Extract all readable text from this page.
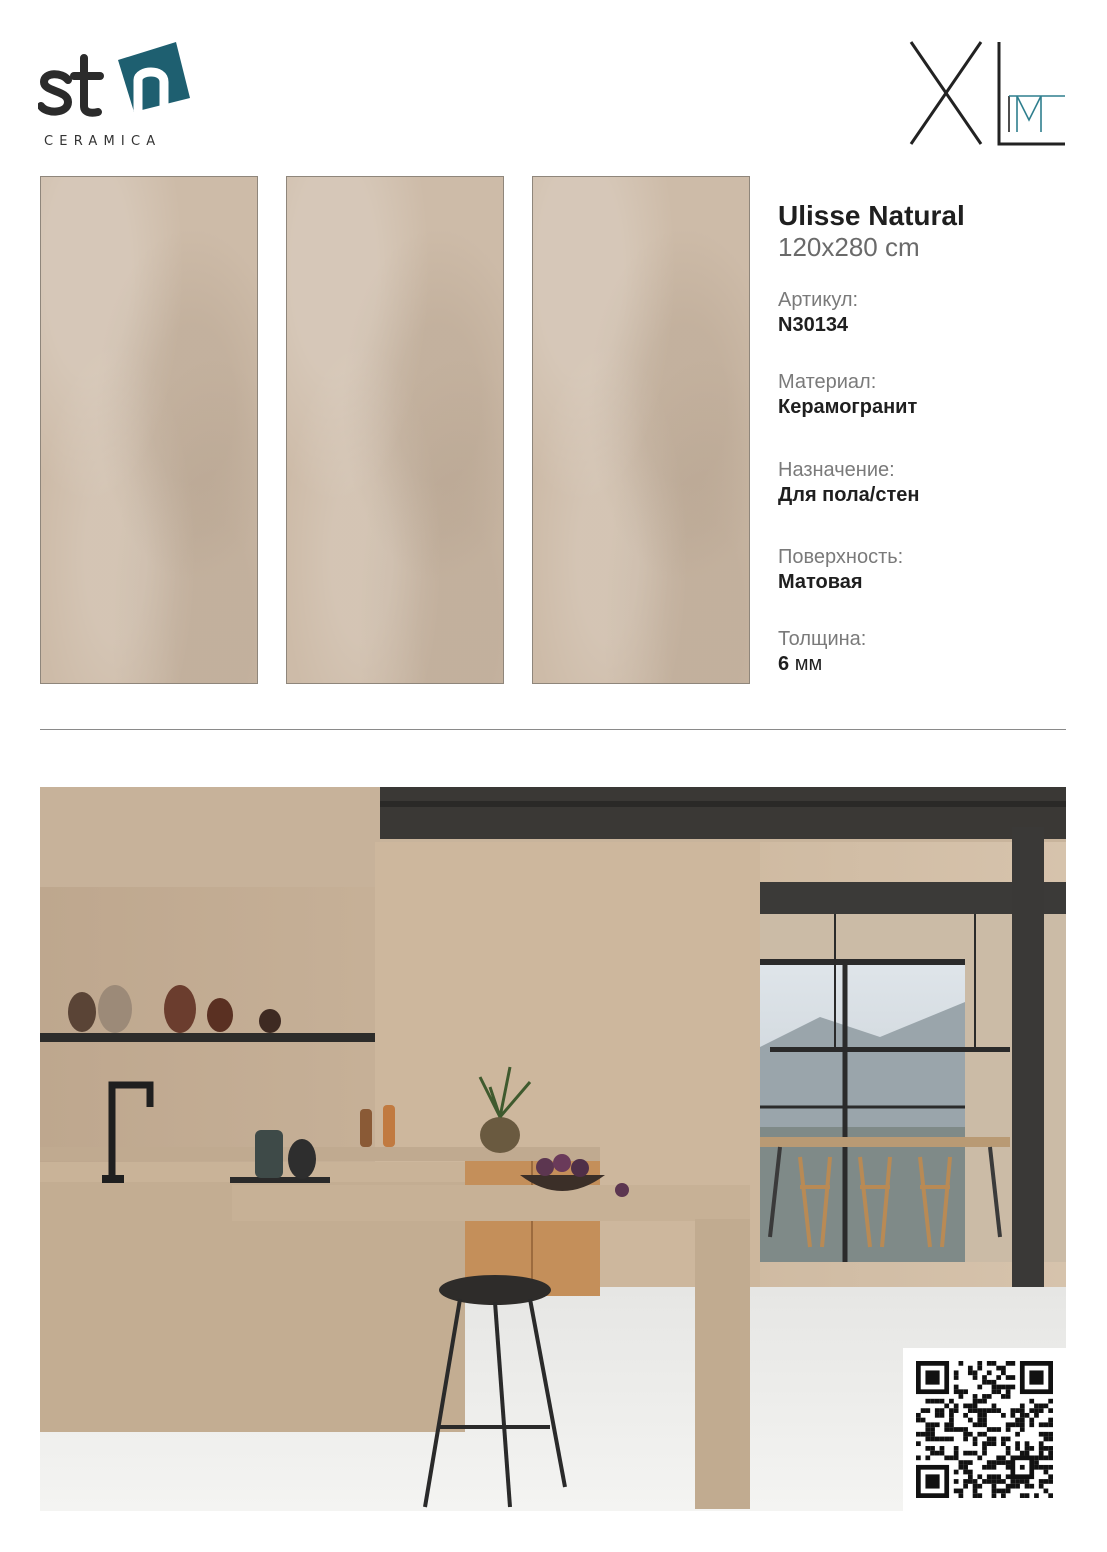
CERAMICA
Ulisse Natural
120x280 cm
Артикул:
N30134
Материал:
Керамогранит
Назначение:
Для пола/стен
Поверхность:
Матовая
Толщина:
6 мм
